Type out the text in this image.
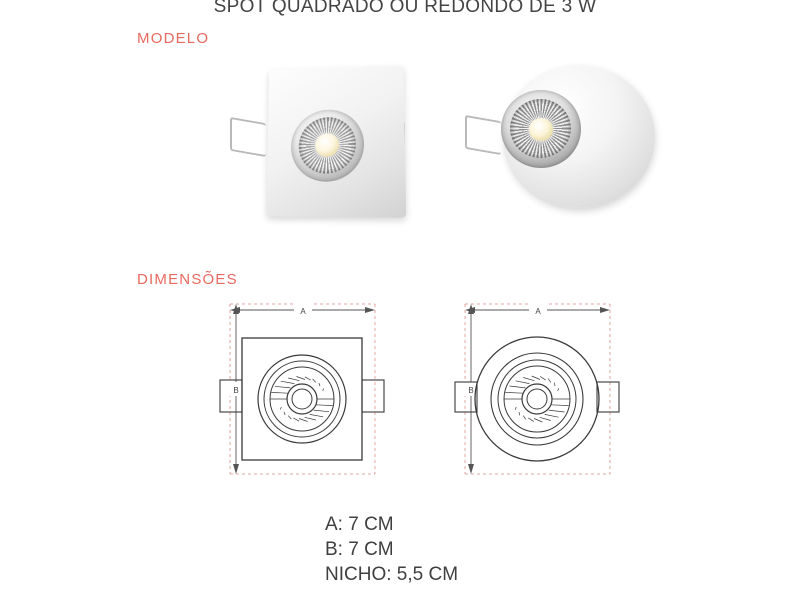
SPOT QUADRADO OU REDONDO DE 3 W
MODELO
DIMENSÕES
A
B
A
B
A: 7 CM
B: 7 CM
NICHO: 5,5 CM
